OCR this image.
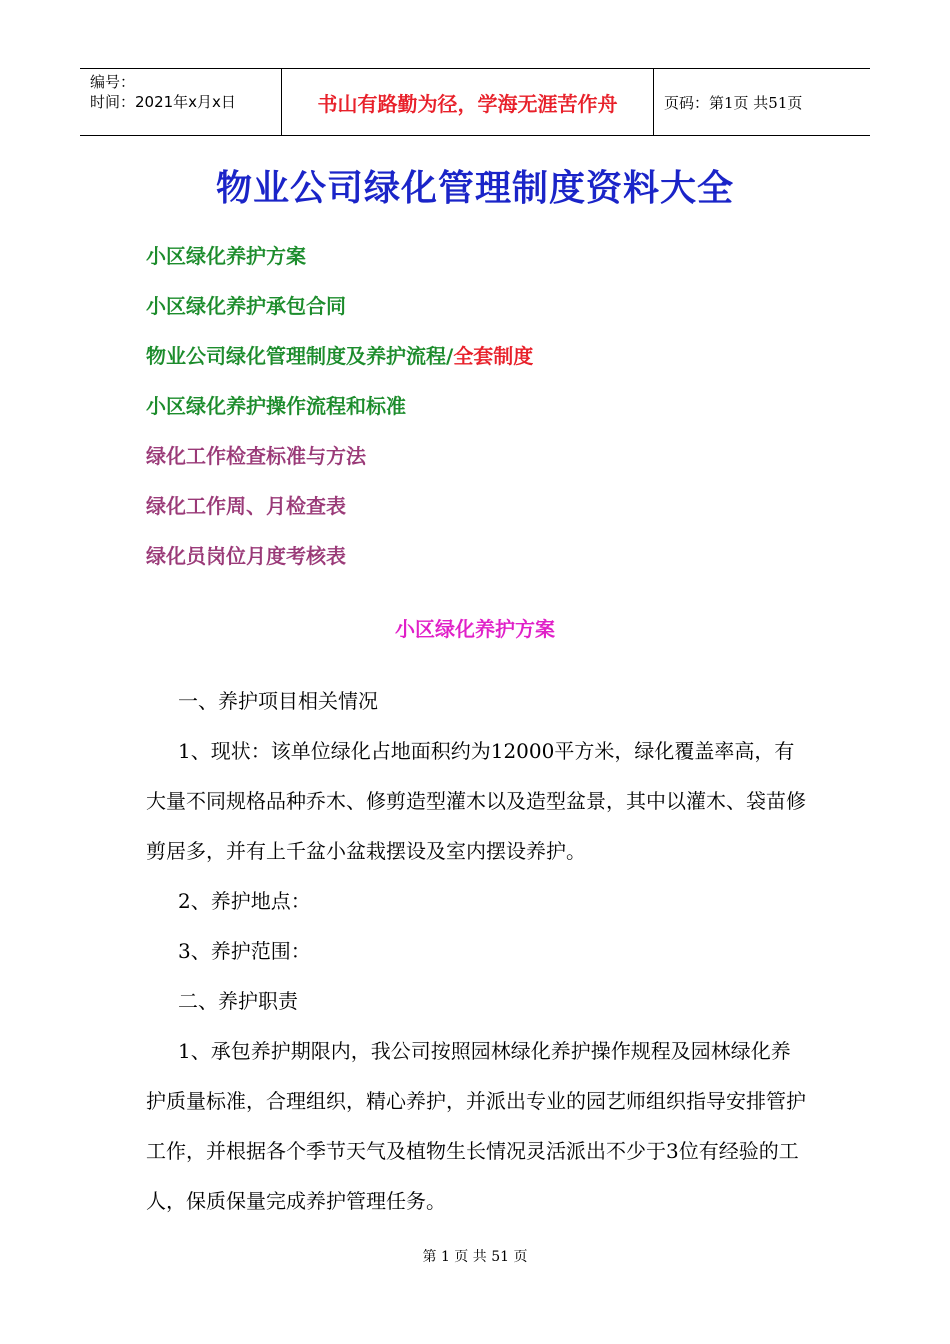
编号：
时间：2021年x月x日	书山有路勤为径，学海无涯苦作舟	页码：第1页 共51页
物业公司绿化管理制度资料大全
小区绿化养护方案
小区绿化养护承包合同
物业公司绿化管理制度及养护流程/全套制度
小区绿化养护操作流程和标准
绿化工作检查标准与方法
绿化工作周、月检查表
绿化员岗位月度考核表
小区绿化养护方案

一、养护项目相关情况

1、现状：该单位绿化占地面积约为12000平方米，绿化覆盖率高，有大量不同规格品种乔木、修剪造型灌木以及造型盆景，其中以灌木、袋苗修剪居多，并有上千盆小盆栽摆设及室内摆设养护。

2、养护地点：

3、养护范围：

二、养护职责

1、承包养护期限内，我公司按照园林绿化养护操作规程及园林绿化养护质量标准，合理组织，精心养护，并派出专业的园艺师组织指导安排管护工作，并根据各个季节天气及植物生长情况灵活派出不少于3位有经验的工人，保质保量完成养护管理任务。

第 1 页 共 51 页
